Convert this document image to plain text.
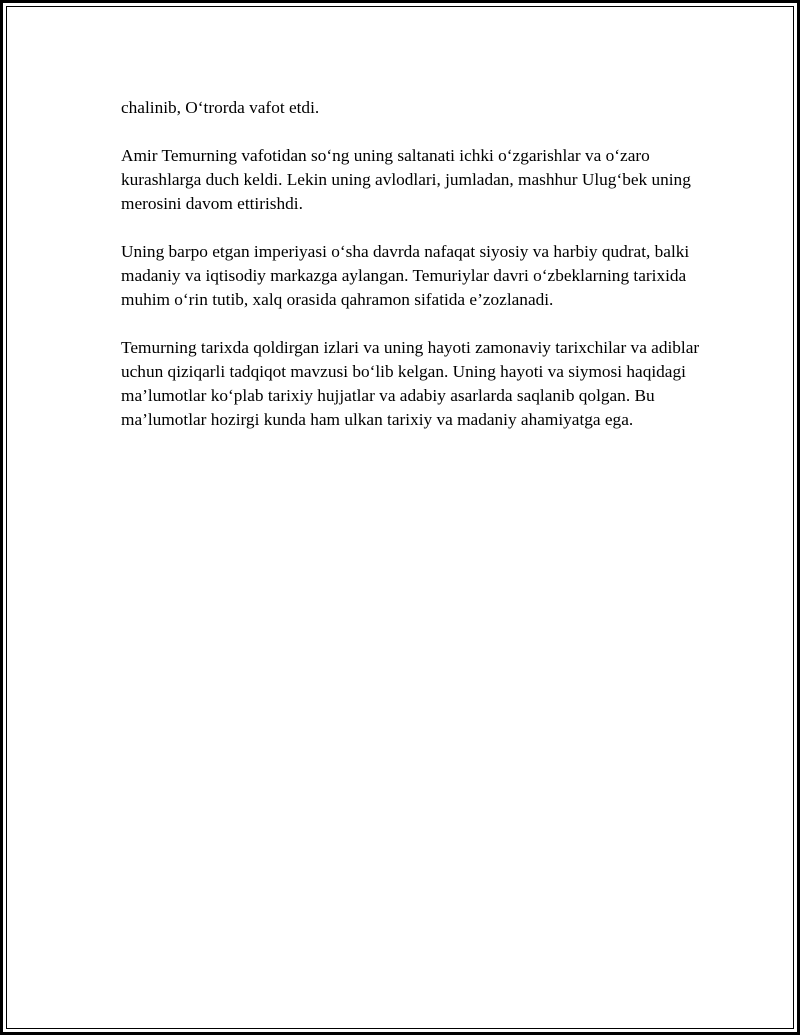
chalinib, O‘trorda vafot etdi.

Amir Temurning vafotidan so‘ng uning saltanati ichki o‘zgarishlar va o‘zaro kurashlarga duch keldi. Lekin uning avlodlari, jumladan, mashhur Ulug‘bek uning merosini davom ettirishdi.

Uning barpo etgan imperiyasi o‘sha davrda nafaqat siyosiy va harbiy qudrat, balki madaniy va iqtisodiy markazga aylangan. Temuriylar davri o‘zbeklarning tarixida muhim o‘rin tutib, xalq orasida qahramon sifatida e’zozlanadi.

Temurning tarixda qoldirgan izlari va uning hayoti zamonaviy tarixchilar va adiblar uchun qiziqarli tadqiqot mavzusi bo‘lib kelgan. Uning hayoti va siymosi haqidagi ma’lumotlar ko‘plab tarixiy hujjatlar va adabiy asarlarda saqlanib qolgan. Bu ma’lumotlar hozirgi kunda ham ulkan tarixiy va madaniy ahamiyatga ega.
